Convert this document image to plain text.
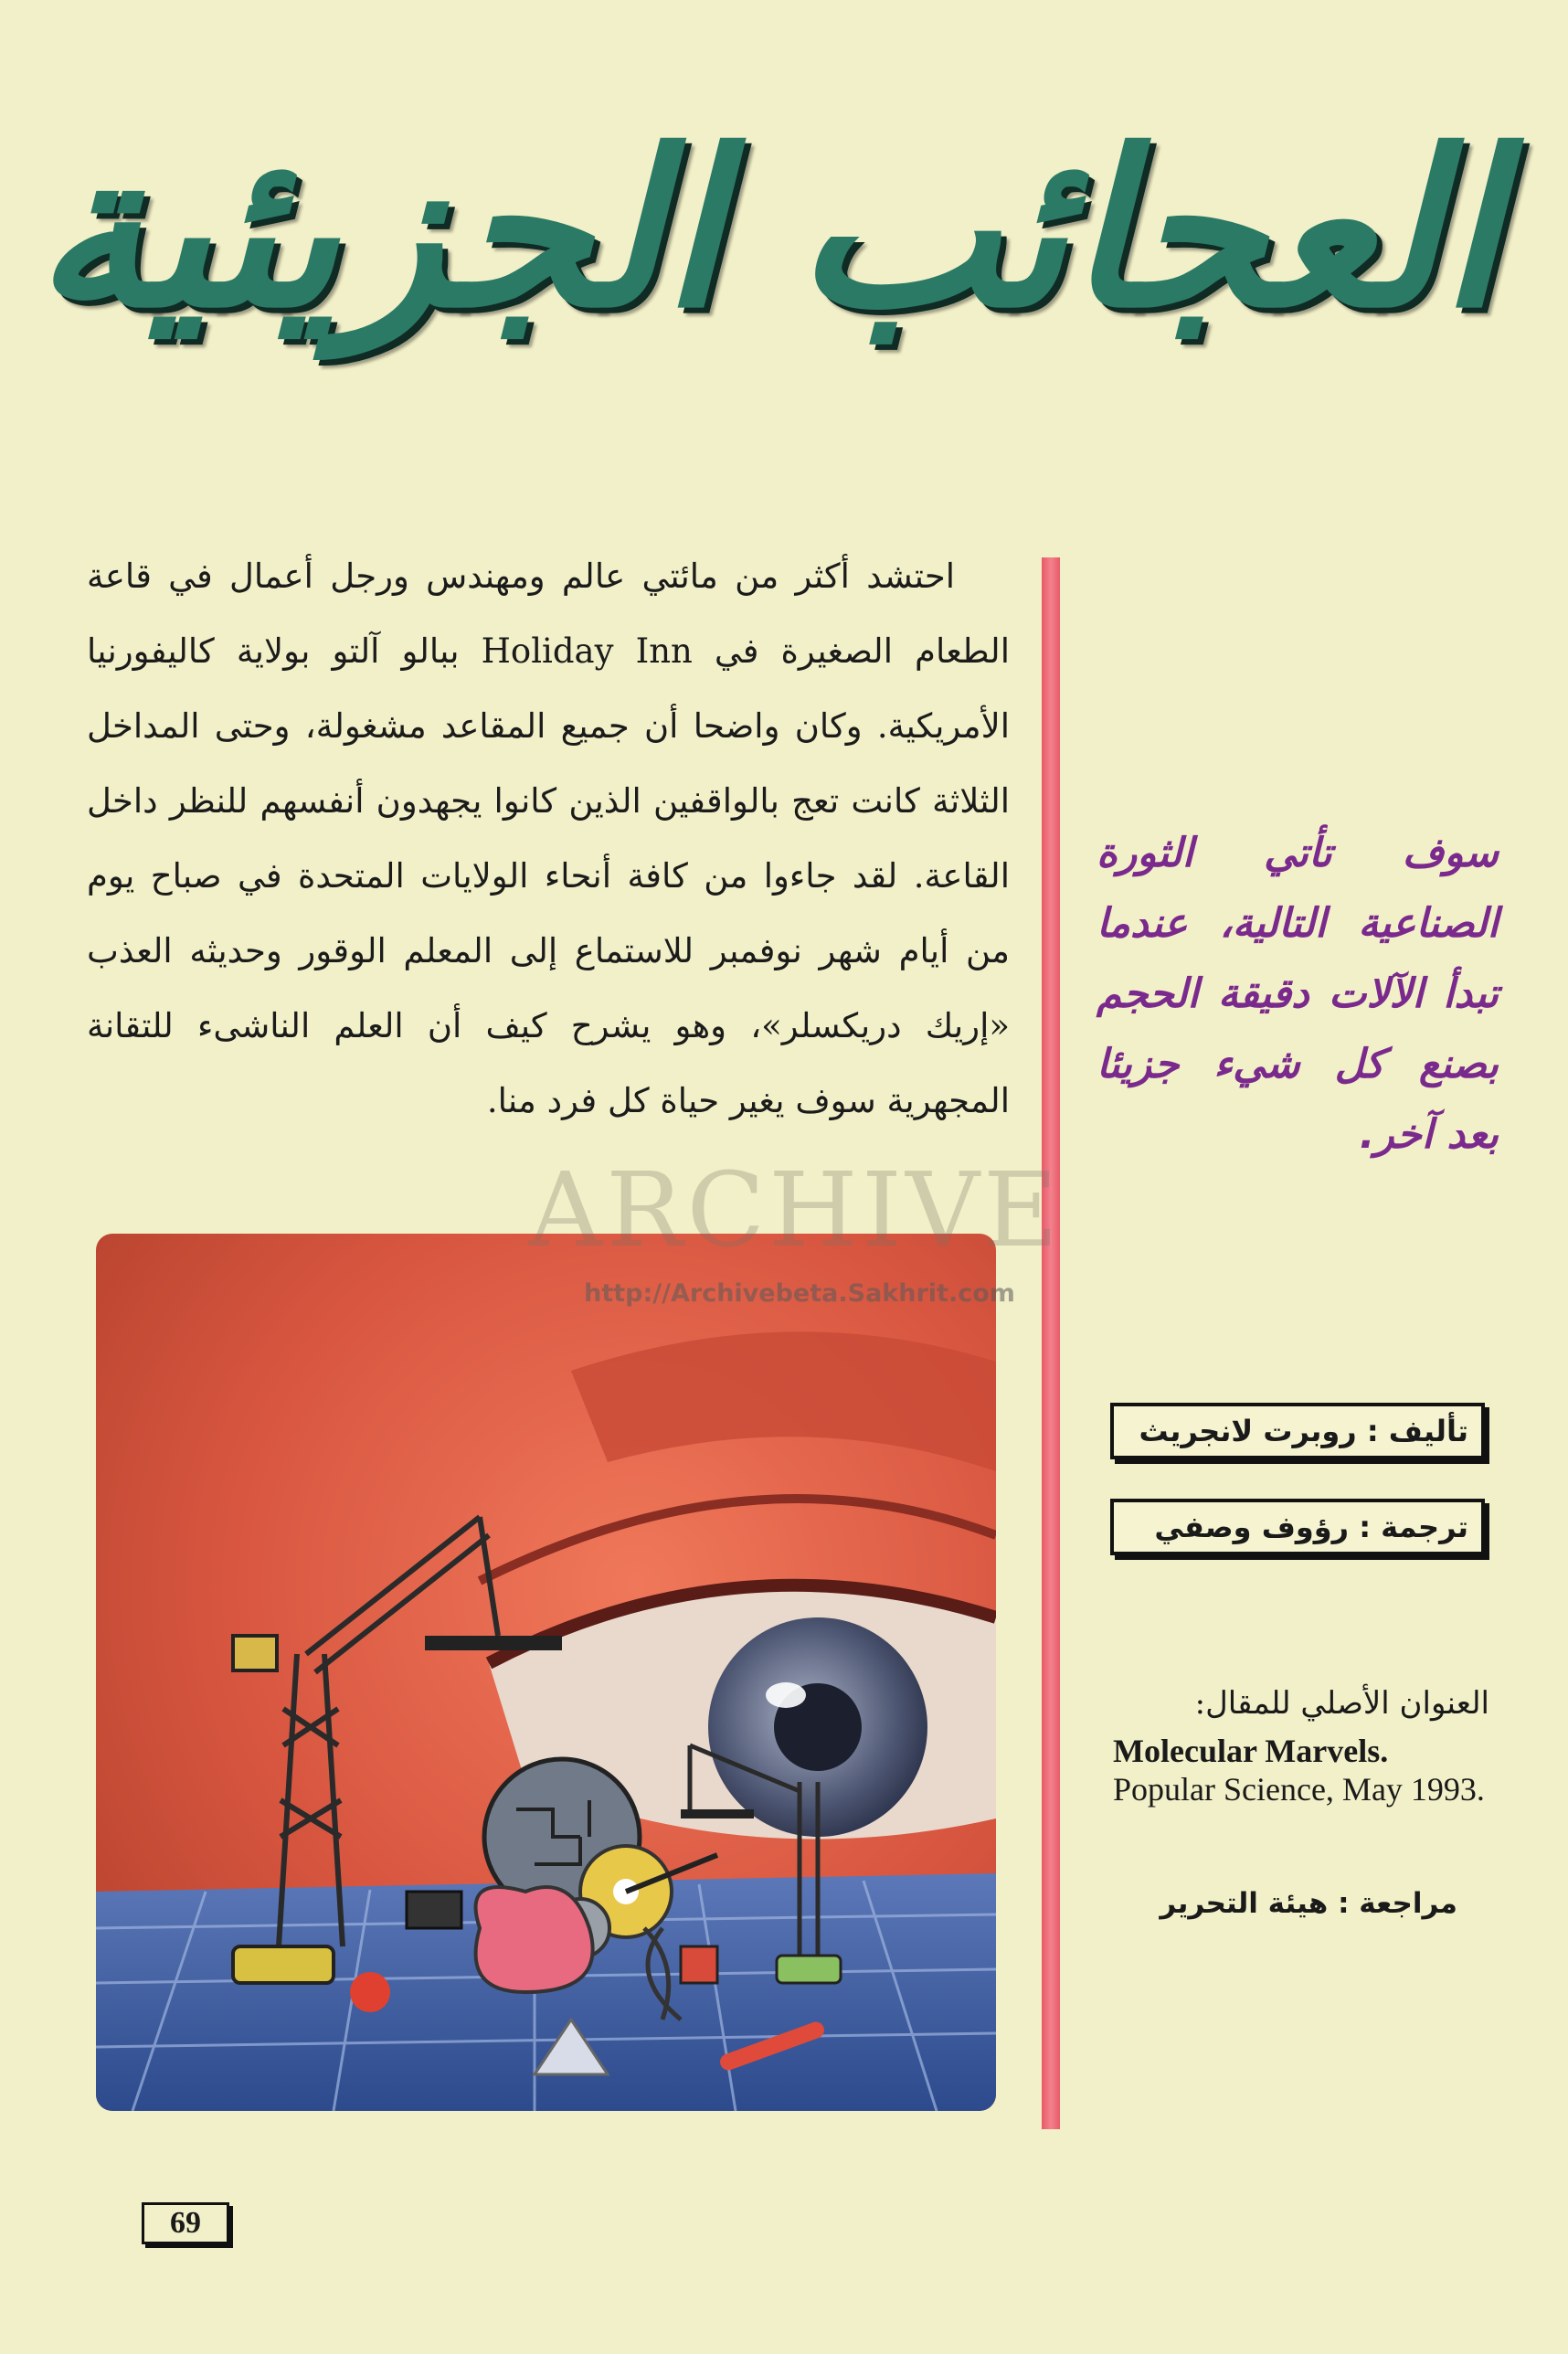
العجائب الجزيئية

احتشد أكثر من مائتي عالم ومهندس ورجل أعمال في قاعة الطعام الصغيرة في Holiday Inn ببالو آلتو بولاية كاليفورنيا الأمريكية. وكان واضحا أن جميع المقاعد مشغولة، وحتى المداخل الثلاثة كانت تعج بالواقفين الذين كانوا يجهدون أنفسهم للنظر داخل القاعة. لقد جاءوا من كافة أنحاء الولايات المتحدة في صباح يوم من أيام شهر نوفمبر للاستماع إلى المعلم الوقور وحديثه العذب «إريك دريكسلر»، وهو يشرح كيف أن العلم الناشىء للتقانة المجهرية سوف يغير حياة كل فرد منا.

سوف تأتي الثورة الصناعية التالية، عندما تبدأ الآلات دقيقة الحجم بصنع كل شيء جزيئا بعد آخر.
تأليف : روبرت لانجريث
ترجمة : رؤوف وصفي
العنوان الأصلي للمقال:
Molecular Marvels.
Popular Science, May 1993.
مراجعة : هيئة التحرير
ARCHIVE
http://Archivebeta.Sakhrit.com
69
